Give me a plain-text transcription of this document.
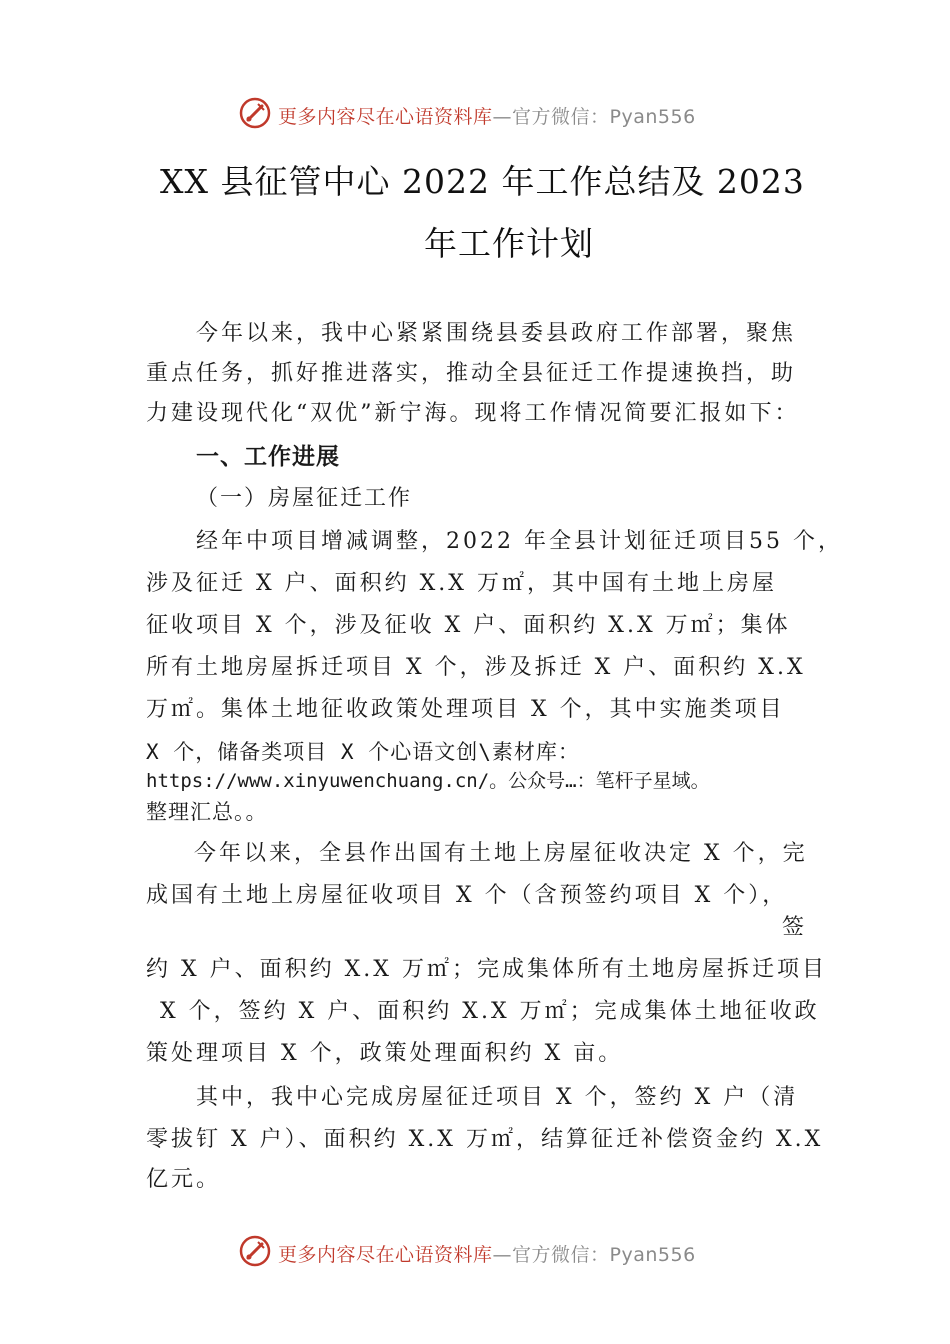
更多内容尽在心语资料库—官方微信：Pyan556
XX 县征管中心 2022 年工作总结及 2023
年工作计划
今年以来，我中心紧紧围绕县委县政府工作部署，聚焦
重点任务，抓好推进落实，推动全县征迁工作提速换挡，助
力建设现代化“双优”新宁海。现将工作情况简要汇报如下：
一、工作进展
（一）房屋征迁工作
经年中项目增减调整，2022 年全县计划征迁项目55 个，
涉及征迁 X 户、面积约 X.X 万㎡，其中国有土地上房屋
征收项目 X 个，涉及征收 X 户、面积约 X.X 万㎡；集体
所有土地房屋拆迁项目 X 个，涉及拆迁 X 户、面积约 X.X
万㎡。集体土地征收政策处理项目 X 个，其中实施类项目
X 个，储备类项目 X 个心语文创\素材库：
https://www.xinyuwenchuang.cn/。公众号…：笔杆子星域。
整理汇总。。
今年以来，全县作出国有土地上房屋征收决定 X 个，完
成国有土地上房屋征收项目 X 个（含预签约项目 X 个），
签
约 X 户、面积约 X.X 万㎡；完成集体所有土地房屋拆迁项目
X 个，签约 X 户、面积约 X.X 万㎡；完成集体土地征收政
策处理项目 X 个，政策处理面积约 X 亩。
其中，我中心完成房屋征迁项目 X 个，签约 X 户（清
零拔钉 X 户）、面积约 X.X 万㎡，结算征迁补偿资金约 X.X
亿元。
更多内容尽在心语资料库—官方微信：Pyan556
